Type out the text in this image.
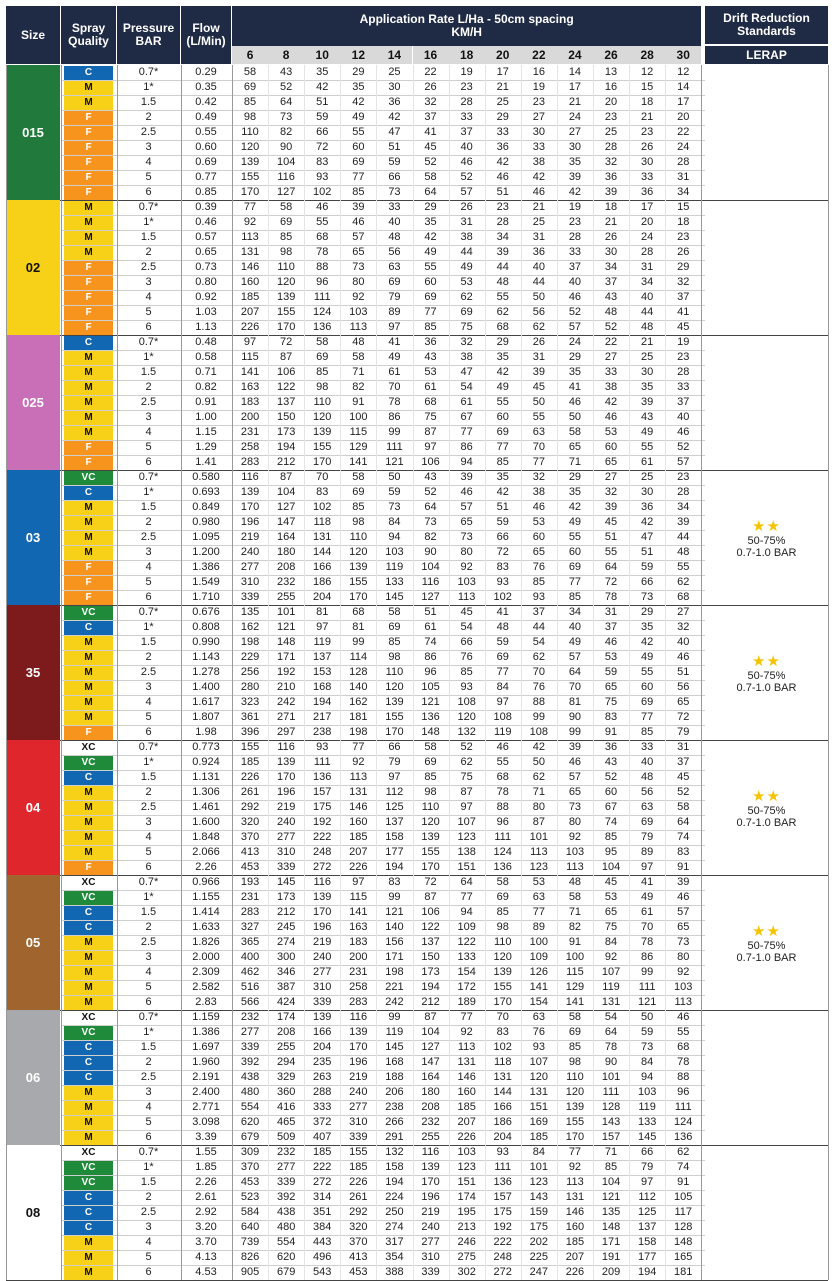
Size	Spray Quality
Pressure BAR
Flow (L/Min)
Application Rate L/Ha - 50cm spacing
KM/H
6	8	10	12	14	16	18	20	22	24	26	28	30
Drift Reduction Standards
LERAP
015
C	0.7*	0.29	58	43	35	29	25	22	19	17	16	14	13	12	12
M	1*	0.35	69	52	42	35	30	26	23	21	19	17	16	15	14
M	1.5	0.42	85	64	51	42	36	32	28	25	23	21	20	18	17
F	2	0.49	98	73	59	49	42	37	33	29	27	24	23	21	20
F	2.5	0.55	110	82	66	55	47	41	37	33	30	27	25	23	22
F	3	0.60	120	90	72	60	51	45	40	36	33	30	28	26	24
F	4	0.69	139	104	83	69	59	52	46	42	38	35	32	30	28
F	5	0.77	155	116	93	77	66	58	52	46	42	39	36	33	31
F	6	0.85	170	127	102	85	73	64	57	51	46	42	39	36	34
02
M	0.7*	0.39	77	58	46	39	33	29	26	23	21	19	18	17	15
M	1*	0.46	92	69	55	46	40	35	31	28	25	23	21	20	18
M	1.5	0.57	113	85	68	57	48	42	38	34	31	28	26	24	23
M	2	0.65	131	98	78	65	56	49	44	39	36	33	30	28	26
F	2.5	0.73	146	110	88	73	63	55	49	44	40	37	34	31	29
F	3	0.80	160	120	96	80	69	60	53	48	44	40	37	34	32
F	4	0.92	185	139	111	92	79	69	62	55	50	46	43	40	37
F	5	1.03	207	155	124	103	89	77	69	62	56	52	48	44	41
F	6	1.13	226	170	136	113	97	85	75	68	62	57	52	48	45
025
C	0.7*	0.48	97	72	58	48	41	36	32	29	26	24	22	21	19
M	1*	0.58	115	87	69	58	49	43	38	35	31	29	27	25	23
M	1.5	0.71	141	106	85	71	61	53	47	42	39	35	33	30	28
M	2	0.82	163	122	98	82	70	61	54	49	45	41	38	35	33
M	2.5	0.91	183	137	110	91	78	68	61	55	50	46	42	39	37
M	3	1.00	200	150	120	100	86	75	67	60	55	50	46	43	40
M	4	1.15	231	173	139	115	99	87	77	69	63	58	53	49	46
F	5	1.29	258	194	155	129	111	97	86	77	70	65	60	55	52
F	6	1.41	283	212	170	141	121	106	94	85	77	71	65	61	57
03
VC	0.7*	0.580	116	87	70	58	50	43	39	35	32	29	27	25	23
C	1*	0.693	139	104	83	69	59	52	46	42	38	35	32	30	28
M	1.5	0.849	170	127	102	85	73	64	57	51	46	42	39	36	34
M	2	0.980	196	147	118	98	84	73	65	59	53	49	45	42	39
M	2.5	1.095	219	164	131	110	94	82	73	66	60	55	51	47	44
M	3	1.200	240	180	144	120	103	90	80	72	65	60	55	51	48
F	4	1.386	277	208	166	139	119	104	92	83	76	69	64	59	55
F	5	1.549	310	232	186	155	133	116	103	93	85	77	72	66	62
F	6	1.710	339	255	204	170	145	127	113	102	93	85	78	73	68
★★
50-75%
0.7-1.0 BAR
35
VC	0.7*	0.676	135	101	81	68	58	51	45	41	37	34	31	29	27
C	1*	0.808	162	121	97	81	69	61	54	48	44	40	37	35	32
M	1.5	0.990	198	148	119	99	85	74	66	59	54	49	46	42	40
M	2	1.143	229	171	137	114	98	86	76	69	62	57	53	49	46
M	2.5	1.278	256	192	153	128	110	96	85	77	70	64	59	55	51
M	3	1.400	280	210	168	140	120	105	93	84	76	70	65	60	56
M	4	1.617	323	242	194	162	139	121	108	97	88	81	75	69	65
M	5	1.807	361	271	217	181	155	136	120	108	99	90	83	77	72
F	6	1.98	396	297	238	198	170	148	132	119	108	99	91	85	79
★★
50-75%
0.7-1.0 BAR
04
XC	0.7*	0.773	155	116	93	77	66	58	52	46	42	39	36	33	31
VC	1*	0.924	185	139	111	92	79	69	62	55	50	46	43	40	37
C	1.5	1.131	226	170	136	113	97	85	75	68	62	57	52	48	45
M	2	1.306	261	196	157	131	112	98	87	78	71	65	60	56	52
M	2.5	1.461	292	219	175	146	125	110	97	88	80	73	67	63	58
M	3	1.600	320	240	192	160	137	120	107	96	87	80	74	69	64
M	4	1.848	370	277	222	185	158	139	123	111	101	92	85	79	74
M	5	2.066	413	310	248	207	177	155	138	124	113	103	95	89	83
F	6	2.26	453	339	272	226	194	170	151	136	123	113	104	97	91
★★
50-75%
0.7-1.0 BAR
05
XC	0.7*	0.966	193	145	116	97	83	72	64	58	53	48	45	41	39
VC	1*	1.155	231	173	139	115	99	87	77	69	63	58	53	49	46
C	1.5	1.414	283	212	170	141	121	106	94	85	77	71	65	61	57
C	2	1.633	327	245	196	163	140	122	109	98	89	82	75	70	65
M	2.5	1.826	365	274	219	183	156	137	122	110	100	91	84	78	73
M	3	2.000	400	300	240	200	171	150	133	120	109	100	92	86	80
M	4	2.309	462	346	277	231	198	173	154	139	126	115	107	99	92
M	5	2.582	516	387	310	258	221	194	172	155	141	129	119	111	103
M	6	2.83	566	424	339	283	242	212	189	170	154	141	131	121	113
★★
50-75%
0.7-1.0 BAR
06
XC	0.7*	1.159	232	174	139	116	99	87	77	70	63	58	54	50	46
VC	1*	1.386	277	208	166	139	119	104	92	83	76	69	64	59	55
C	1.5	1.697	339	255	204	170	145	127	113	102	93	85	78	73	68
C	2	1.960	392	294	235	196	168	147	131	118	107	98	90	84	78
C	2.5	2.191	438	329	263	219	188	164	146	131	120	110	101	94	88
M	3	2.400	480	360	288	240	206	180	160	144	131	120	111	103	96
M	4	2.771	554	416	333	277	238	208	185	166	151	139	128	119	111
M	5	3.098	620	465	372	310	266	232	207	186	169	155	143	133	124
M	6	3.39	679	509	407	339	291	255	226	204	185	170	157	145	136
08
XC	0.7*	1.55	309	232	185	155	132	116	103	93	84	77	71	66	62
VC	1*	1.85	370	277	222	185	158	139	123	111	101	92	85	79	74
VC	1.5	2.26	453	339	272	226	194	170	151	136	123	113	104	97	91
C	2	2.61	523	392	314	261	224	196	174	157	143	131	121	112	105
C	2.5	2.92	584	438	351	292	250	219	195	175	159	146	135	125	117
C	3	3.20	640	480	384	320	274	240	213	192	175	160	148	137	128
M	4	3.70	739	554	443	370	317	277	246	222	202	185	171	158	148
M	5	4.13	826	620	496	413	354	310	275	248	225	207	191	177	165
M	6	4.53	905	679	543	453	388	339	302	272	247	226	209	194	181
